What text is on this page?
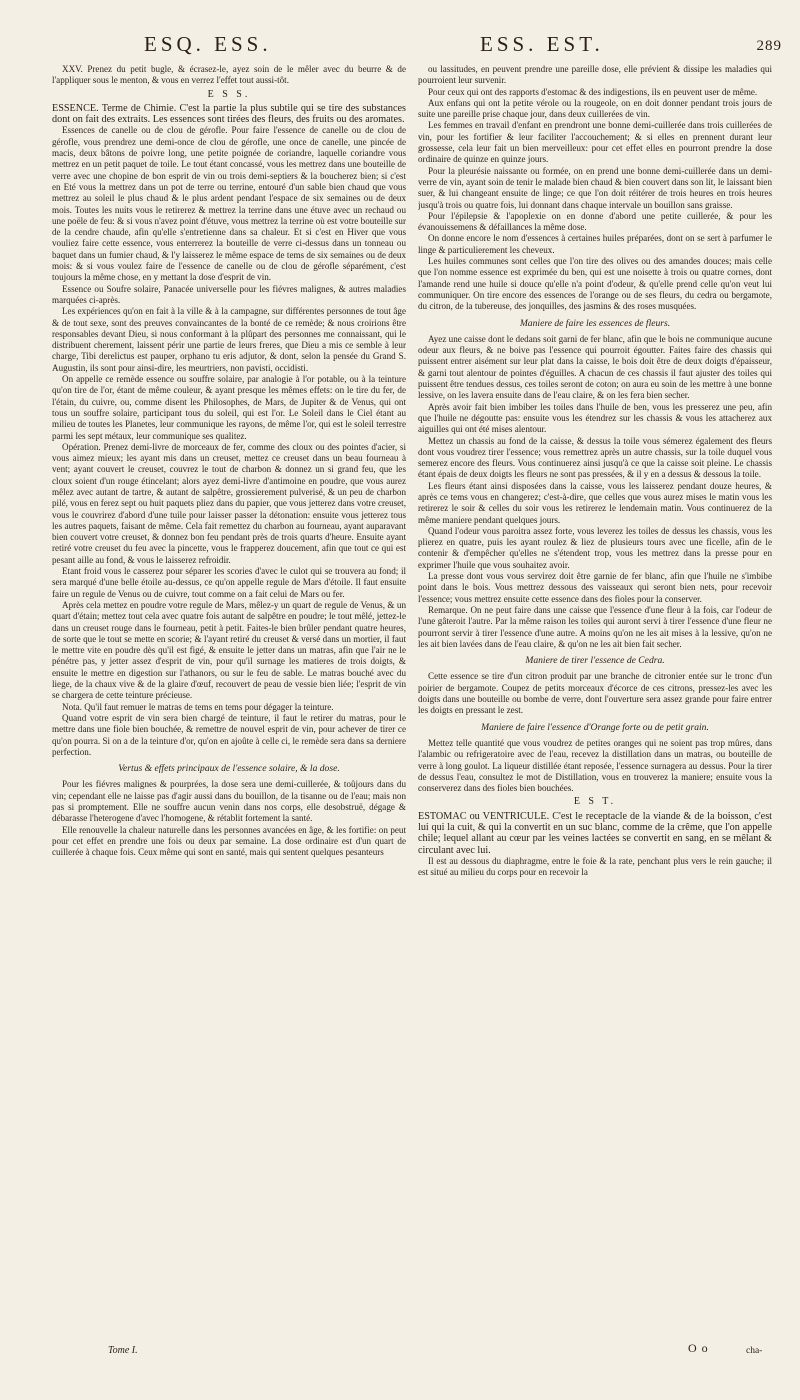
ESQ. ESS.	ESS. EST.	289

XXV. Prenez du petit bugle, & écrasez-le, ayez soin de le mêler avec du beurre & de l'appliquer sous le menton, & vous en verrez l'effet tout aussi-tôt.

E S S.

ESSENCE. Terme de Chimie. C'est la partie la plus subtile qui se tire des substances dont on fait des extraits. Les essences sont tirées des fleurs, des fruits ou des aromates.

Essences de canelle ou de clou de gérofle. Pour faire l'essence de canelle ou de clou de gérofle, vous prendrez une demi-once de clou de gérofle, une once de canelle, une pincée de macis, deux bâtons de poivre long, une petite poignée de coriandre, laquelle coriandre vous mettrez en un petit paquet de toile. Le tout étant concassé, vous les mettrez dans une bouteille de verre avec une chopine de bon esprit de vin ou trois demi-septiers & la boucherez bien; si c'est en Eté vous la mettrez dans un pot de terre ou terrine, entouré d'un sable bien chaud que vous mettrez au soleil le plus chaud & le plus ardent pendant l'espace de six semaines ou de deux mois. Toutes les nuits vous le retirerez & mettrez la terrine dans une étuve avec un rechaud ou une poële de feu: & si vous n'avez point d'étuve, vous mettrez la terrine où est votre bouteille sur de la cendre chaude, afin qu'elle s'entretienne dans sa chaleur. Et si c'est en Hiver que vous vouliez faire cette essence, vous enterrerez la bouteille de verre ci-dessus dans un tonneau ou baquet dans un fumier chaud, & l'y laisserez le même espace de tems de six semaines ou de deux mois: & si vous voulez faire de l'essence de canelle ou de clou de gérofle séparément, c'est toujours la même chose, en y mettant la dose d'esprit de vin.

Essence ou Soufre solaire, Panacée universelle pour les fiévres malignes, & autres maladies marquées ci-après.

Les expériences qu'on en fait à la ville & à la campagne, sur différentes personnes de tout âge & de tout sexe, sont des preuves convaincantes de la bonté de ce remède; & nous croirions être responsables devant Dieu, si nous conformant à la plûpart des personnes me connaissant, qui le distribuent cherement, laissent périr une partie de leurs freres, que Dieu a mis ce semble à leur charge, Tibi derelictus est pauper, orphano tu eris adjutor, & dont, selon la pensée du Grand S. Augustin, ils sont pour ainsi-dire, les meurtriers, non pavisti, occidisti.

On appelle ce remède essence ou souffre solaire, par analogie à l'or potable, ou à la teinture qu'on tire de l'or, étant de même couleur, & ayant presque les mêmes effets: on le tire du fer, de l'étain, du cuivre, ou, comme disent les Philosophes, de Mars, de Jupiter & de Venus, qui ont tous un souffre solaire, participant tous du soleil, qui est l'or. Le Soleil dans le Ciel étant au milieu de toutes les Planetes, leur communique les rayons, de même l'or, qui est le soleil terrestre parmi les sept métaux, leur communique ses qualitez.

Opération. Prenez demi-livre de morceaux de fer, comme des cloux ou des pointes d'acier, si vous aimez mieux; les ayant mis dans un creuset, mettez ce creuset dans un beau fourneau à vent; ayant couvert le creuset, couvrez le tout de charbon & donnez un si grand feu, que les cloux soient d'un rouge étincelant; alors ayez demi-livre d'antimoine en poudre, que vous aurez mêlez avec autant de tartre, & autant de salpêtre, grossierement pulverisé, & un peu de charbon pilé, vous en ferez sept ou huit paquets pliez dans du papier, que vous jetterez dans votre creuset, vous le couvrirez d'abord d'une tuile pour laisser passer la détonation: ensuite vous jetterez tous les autres paquets, faisant de même. Cela fait remettez du charbon au fourneau, ayant auparavant bien couvert votre creuset, & donnez bon feu pendant près de trois quarts d'heure. Ensuite ayant retiré votre creuset du feu avec la pincette, vous le frapperez doucement, afin que tout ce qui est pesant aille au fond, & vous le laisserez refroidir.

Etant froid vous le casserez pour séparer les scories d'avec le culot qui se trouvera au fond; il sera marqué d'une belle étoile au-dessus, ce qu'on appelle regule de Mars d'étoile. Il faut ensuite faire un regule de Venus ou de cuivre, tout comme on a fait celui de Mars ou fer.

Après cela mettez en poudre votre regule de Mars, mêlez-y un quart de regule de Venus, & un quart d'étain; mettez tout cela avec quatre fois autant de salpêtre en poudre; le tout mêlé, jettez-le dans un creuset rouge dans le fourneau, petit à petit. Faites-le bien brûler pendant quatre heures, de sorte que le tout se mette en scorie; & l'ayant retiré du creuset & versé dans un mortier, il faut le mettre vite en poudre dès qu'il est figé, & ensuite le jetter dans un matras, afin que l'air ne le pénétre pas, y jetter assez d'esprit de vin, pour qu'il surnage les matieres de trois doigts, & ensuite le mettre en digestion sur l'athanors, ou sur le feu de sable. Le matras bouché avec du liege, de la chaux vive & de la glaire d'œuf, recouvert de peau de vessie bien liée; l'esprit de vin se chargera de cette teinture précieuse.

Nota. Qu'il faut remuer le matras de tems en tems pour dégager la teinture.

Quand votre esprit de vin sera bien chargé de teinture, il faut le retirer du matras, pour le mettre dans une fiole bien bouchée, & remettre de nouvel esprit de vin, pour achever de tirer ce qu'on pourra. Si on a de la teinture d'or, qu'on en ajoûte à celle ci, le remède sera dans sa derniere perfection.

Vertus & effets principaux de l'essence solaire, & la dose.

Pour les fiévres malignes & pourprées, la dose sera une demi-cuillerée, & toûjours dans du vin; cependant elle ne laisse pas d'agir aussi dans du bouillon, de la tisanne ou de l'eau; mais non pas si promptement. Elle ne souffre aucun venin dans nos corps, elle desobstruë, dégage & débarasse l'heterogene d'avec l'homogene, & rétablit fortement la santé.

Elle renouvelle la chaleur naturelle dans les personnes avancées en âge, & les fortifie: on peut pour cet effet en prendre une fois ou deux par semaine. La dose ordinaire est d'un quart de cuillerée à chaque fois. Ceux même qui sont en santé, mais qui sentent quelques pesanteurs

ou lassitudes, en peuvent prendre une pareille dose, elle prévient & dissipe les maladies qui pourroient leur survenir.

Pour ceux qui ont des rapports d'estomac & des indigestions, ils en peuvent user de même.

Aux enfans qui ont la petite vérole ou la rougeole, on en doit donner pendant trois jours de suite une pareille prise chaque jour, dans deux cuillerées de vin.

Les femmes en travail d'enfant en prendront une bonne demi-cuillerée dans trois cuillerées de vin, pour les fortifier & leur faciliter l'accouchement; & si elles en prennent durant leur grossesse, cela leur fait un bien merveilleux: pour cet effet elles en pourront prendre la dose ordinaire de quinze en quinze jours.

Pour la pleurésie naissante ou formée, on en prend une bonne demi-cuillerée dans un demi-verre de vin, ayant soin de tenir le malade bien chaud & bien couvert dans son lit, le laissant bien suer, & lui changeant ensuite de linge; ce que l'on doit réitérer de trois heures en trois heures jusqu'à trois ou quatre fois, lui donnant dans chaque intervale un bouillon sans graisse.

Pour l'épilepsie & l'apoplexie on en donne d'abord une petite cuillerée, & pour les évanouissemens & défaillances la même dose.

On donne encore le nom d'essences à certaines huiles préparées, dont on se sert à parfumer le linge & particulierement les cheveux.

Les huiles communes sont celles que l'on tire des olives ou des amandes douces; mais celle que l'on nomme essence est exprimée du ben, qui est une noisette à trois ou quatre cornes, dont l'amande rend une huile si douce qu'elle n'a point d'odeur, & qu'elle prend celle qu'on veut lui communiquer. On tire encore des essences de l'orange ou de ses fleurs, du cedra ou bergamote, du citron, de la tubereuse, des jonquilles, des jasmins & des roses musquées.

Maniere de faire les essences de fleurs.

Ayez une caisse dont le dedans soit garni de fer blanc, afin que le bois ne communique aucune odeur aux fleurs, & ne boive pas l'essence qui pourroit égoutter. Faites faire des chassis qui puissent entrer aisément sur leur plat dans la caisse, le bois doit être de deux doigts d'épaisseur, & garni tout alentour de pointes d'éguilles. A chacun de ces chassis il faut ajuster des toiles qui puissent être tendues dessus, ces toiles seront de coton; on aura eu soin de les mettre à une bonne lessive, on les lavera ensuite dans de l'eau claire, & on les fera bien secher.

Après avoir fait bien imbiber les toiles dans l'huile de ben, vous les presserez une peu, afin que l'huile ne dégoutte pas: ensuite vous les étendrez sur les chassis & vous les attacherez aux aiguilles qui ont été mises alentour.

Mettez un chassis au fond de la caisse, & dessus la toile vous sémerez également des fleurs dont vous voudrez tirer l'essence; vous remettrez après un autre chassis, sur la toile duquel vous semerez encore des fleurs. Vous continuerez ainsi jusqu'à ce que la caisse soit pleine. Le chassis étant épais de deux doigts les fleurs ne sont pas pressées, & il y en a dessus & dessous la toile.

Les fleurs étant ainsi disposées dans la caisse, vous les laisserez pendant douze heures, & après ce tems vous en changerez; c'est-à-dire, que celles que vous aurez mises le matin vous les retirerez le soir & celles du soir vous les retirerez le lendemain matin. Vous continuerez de la même maniere pendant quelques jours.

Quand l'odeur vous paroitra assez forte, vous leverez les toiles de dessus les chassis, vous les plierez en quatre, puis les ayant roulez & liez de plusieurs tours avec une ficelle, afin de le contenir & d'empêcher qu'elles ne s'étendent trop, vous les mettrez dans la presse pour en exprimer l'huile que vous souhaitez avoir.

La presse dont vous vous servirez doit être garnie de fer blanc, afin que l'huile ne s'imbibe point dans le bois. Vous mettrez dessous des vaisseaux qui seront bien nets, pour recevoir l'essence; vous mettrez ensuite cette essence dans des fioles pour la conserver.

Remarque. On ne peut faire dans une caisse que l'essence d'une fleur à la fois, car l'odeur de l'une gâteroit l'autre. Par la même raison les toiles qui auront servi à tirer l'essence d'une fleur ne pourront servir à tirer l'essence d'une autre. A moins qu'on ne les ait mises à la lessive, qu'on ne les ait bien lavées dans de l'eau claire, & qu'on ne les ait bien fait secher.

Maniere de tirer l'essence de Cedra.

Cette essence se tire d'un citron produit par une branche de citronier entée sur le tronc d'un poirier de bergamote. Coupez de petits morceaux d'écorce de ces citrons, pressez-les avec les doigts dans une bouteille ou bombe de verre, dont l'ouverture sera assez grande pour faire entrer les doigts en pressant le zest.

Maniere de faire l'essence d'Orange forte ou de petit grain.

Mettez telle quantité que vous voudrez de petites oranges qui ne soient pas trop mûres, dans l'alambic ou refrigeratoire avec de l'eau, recevez la distillation dans un matras, ou bouteille de verre à long goulot. La liqueur distillée étant reposée, l'essence surnagera au dessus. Pour la tirer de dessus l'eau, consultez le mot de Distillation, vous en trouverez la maniere; ensuite vous la conserverez dans des fioles bien bouchées.

E S T.

ESTOMAC ou VENTRICULE. C'est le receptacle de la viande & de la boisson, c'est lui qui la cuit, & qui la convertit en un suc blanc, comme de la crême, que l'on appelle chile; lequel allant au cœur par les veines lactées se convertit en sang, en se mêlant & circulant avec lui.

Il est au dessous du diaphragme, entre le foie & la rate, penchant plus vers le rein gauche; il est situé au milieu du corps pour en recevoir la

Tome I.	O o	cha-
